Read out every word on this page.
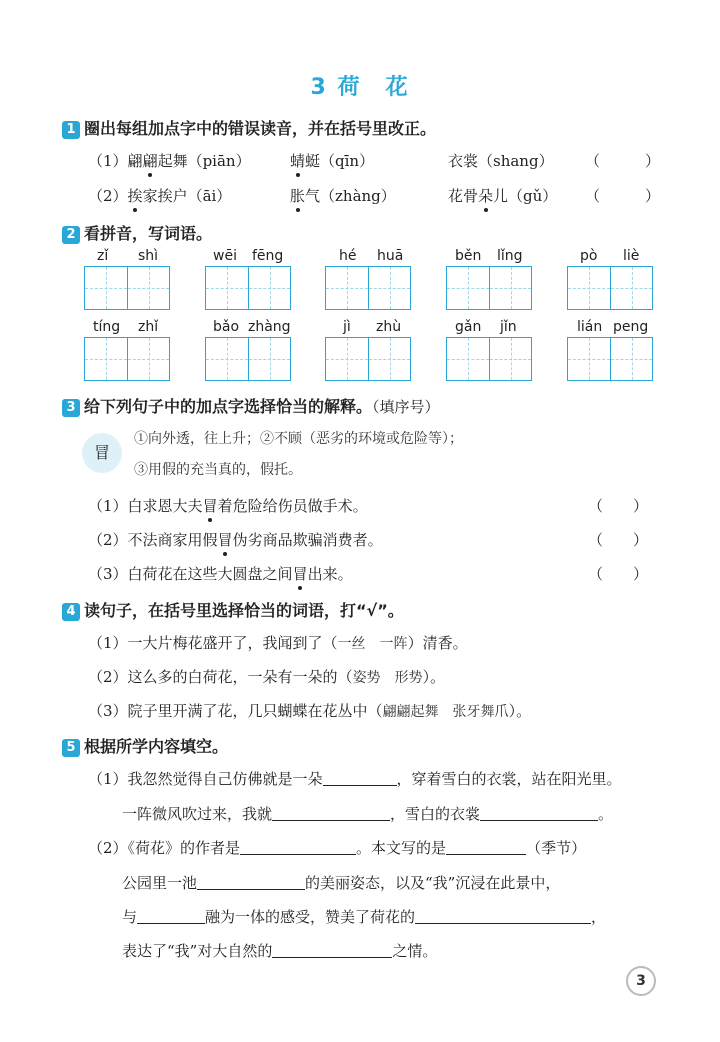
3 荷　花
1 圈出每组加点字中的错误读音，并在括号里改正。
（1）翩翩起舞（piān）	蜻蜓（qīn）	衣裳（shang） （　　　）
（2）挨家挨户（āi）	胀气（zhàng）	花骨朵儿（gǔ） （　　　）
2 看拼音，写词语。
zǐ shì	wēi fēng	hé huā	běn lǐng	pò liè
tíng zhǐ	bǎo zhàng	jì zhù	gǎn jǐn	lián peng
3 给下列句子中的加点字选择恰当的解释。（填序号）
冒
①向外透，往上升；②不顾（恶劣的环境或危险等）；
③用假的充当真的，假托。
（1）白求恩大夫冒着危险给伤员做手术。	（　　）
（2）不法商家用假冒伪劣商品欺骗消费者。	（　　）
（3）白荷花在这些大圆盘之间冒出来。	（　　）
4 读句子，在括号里选择恰当的词语，打“√”。
（1）一大片梅花盛开了，我闻到了（一丝　一阵）清香。
（2）这么多的白荷花，一朵有一朵的（姿势　形势）。
（3）院子里开满了花，几只蝴蝶在花丛中（翩翩起舞　张牙舞爪）。
5 根据所学内容填空。
（1）我忽然觉得自己仿佛就是一朵	，穿着雪白的衣裳，站在阳光里。
一阵微风吹过来，我就	，雪白的衣裳	。
（2）《荷花》的作者是	。本文写的是	（季节）
公园里一池	的美丽姿态，以及“我”沉浸在此景中，
与	融为一体的感受，赞美了荷花的	，
表达了“我”对大自然的	之情。
3
